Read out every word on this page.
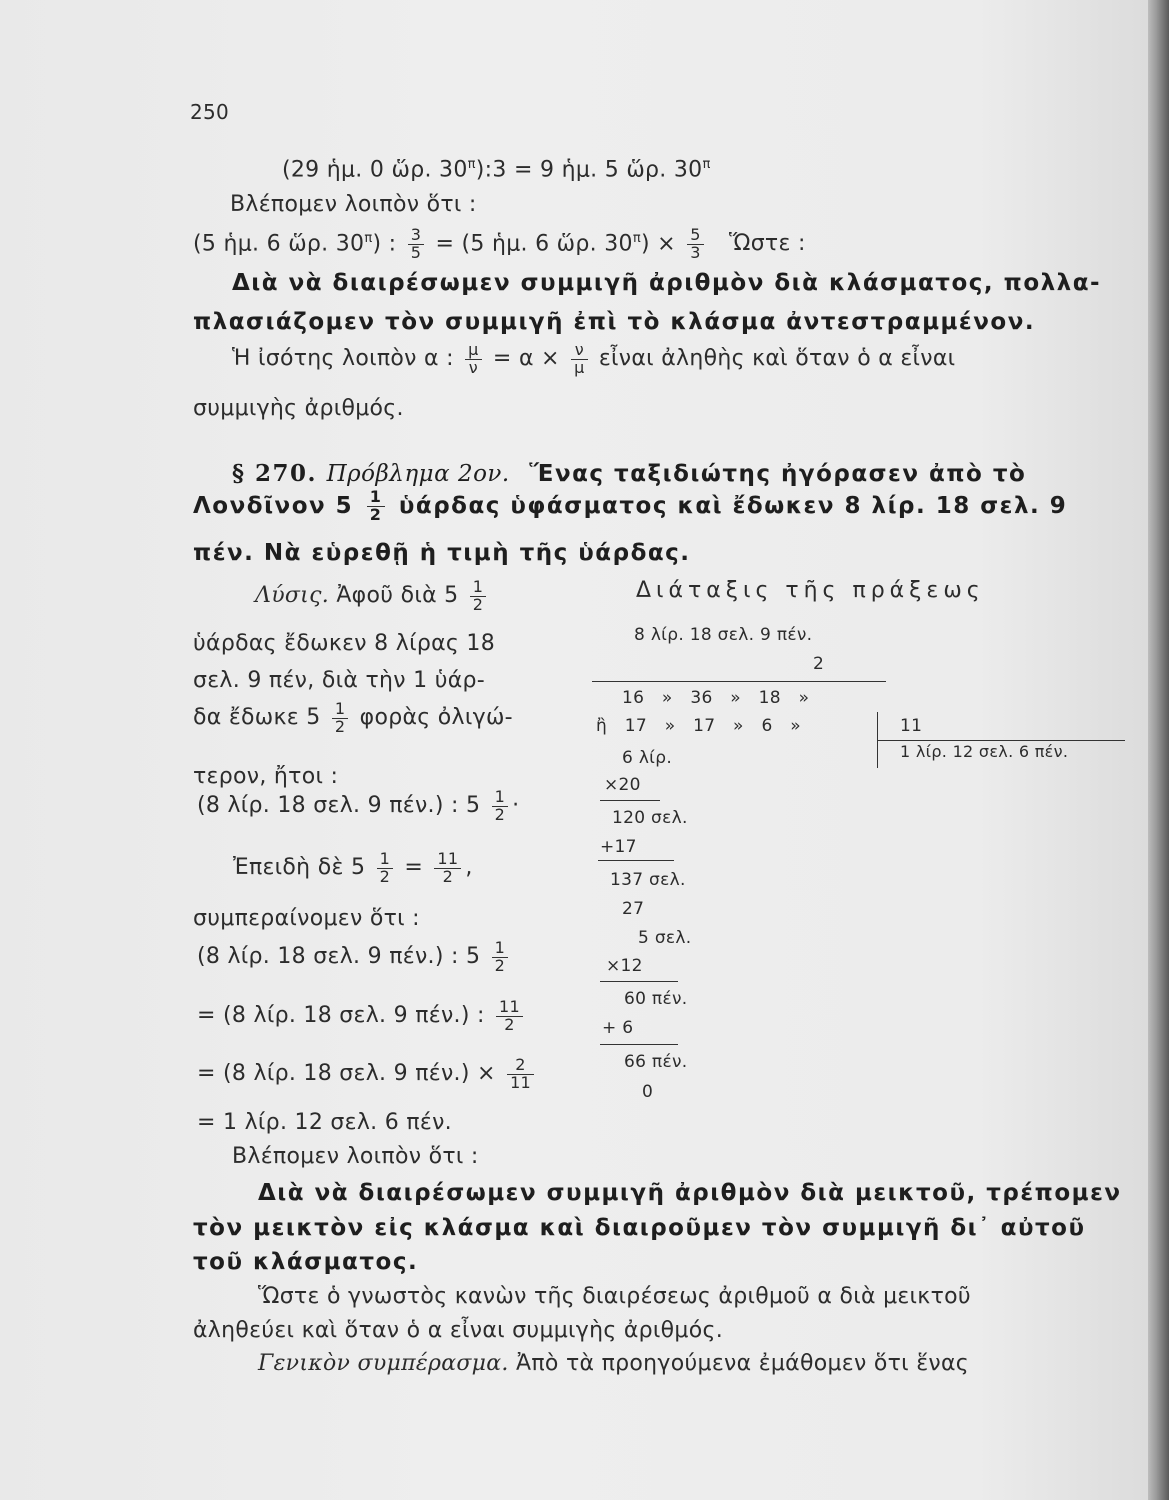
250
(29 ἡμ. 0 ὥρ. $30^\pi):3 = 9$ ἡμ. 5 ὥρ. $30^\pi$
Βλέπομεν λοιπὸν ὅτι :
(5 ἡμ. 6 ὥρ. $30^\pi$) : $\frac{3}{5} = (5$ ἡμ. 6 ὥρ. $30^\pi) \times \frac{5}{3}$ Ὥστε :
Διὰ νὰ διαιρέσωμεν συμμιγῆ ἀριθμὸν διὰ κλάσματος, πολλα-
πλασιάζομεν τὸν συμμιγῆ ἐπὶ τὸ κλάσμα ἀντεστραμμένον.
Ἡ ἰσότης λοιπὸν α : $\frac{\mu}{\nu} = \alpha \times \frac{\nu}{\mu}$ εἶναι ἀληθὴς καὶ ὅταν ὁ α εἶναι
συμμιγὴς ἀριθμός.
§ 270. Πρόβλημα 2ον. Ἕνας ταξιδιώτης ἠγόρασεν ἀπὸ τὸ
Λονδῖνον $5 \frac{1}{2}$ ὑάρδας ὑφάσματος καὶ ἔδωκεν 8 λίρ. 18 σελ. 9
πέν. Νὰ εὑρεθῇ ἡ τιμὴ τῆς ὑάρδας.
Λύσις. Ἀφοῦ διὰ $5 \frac{1}{2}$
ὑάρδας ἔδωκεν 8 λίρας 18
σελ. 9 πέν, διὰ τὴν 1 ὑάρ-
δα ἔδωκε $5 \frac{1}{2}$ φορὰς ὀλιγώ-
τερον, ἤτοι :
(8 λίρ. 18 σελ. 9 πέν.) : $5 \frac{1}{2}$ ·
Ἐπειδὴ δὲ $5 \frac{1}{2} = \frac{11}{2}$ ,
συμπεραίνομεν ὅτι :
(8 λίρ. 18 σελ. 9 πέν.) : $5 \frac{1}{2}$
= (8 λίρ. 18 σελ. 9 πέν.) : $\frac{11}{2}$
= (8 λίρ. 18 σελ. 9 $\pi έ\nu.) \times \frac{2}{11}$
= 1 λίρ. 12 σελ. 6 πέν.
Διάταξις τῆς πράξεως
8 λίρ. 18 σελ. 9 πέν.
2
16 » 36 » 18 »
ἢ 17 » 17 » 6 »	11
1 λίρ. 12 σελ. 6 πέν.
6 λίρ.
×20
120 σελ.
+17
137 σελ.
27
5 σελ.
×12
60 πέν.
+ 6
66 πέν.
0
Βλέπομεν λοιπὸν ὅτι :
Διὰ νὰ διαιρέσωμεν συμμιγῆ ἀριθμὸν διὰ μεικτοῦ, τρέπομεν
τὸν μεικτὸν εἰς κλάσμα καὶ διαιροῦμεν τὸν συμμιγῆ δι᾽ αὐτοῦ
τοῦ κλάσματος.
Ὥστε ὁ γνωστὸς κανὼν τῆς διαιρέσεως ἀριθμοῦ α διὰ μεικτοῦ
ἀληθεύει καὶ ὅταν ὁ α εἶναι συμμιγὴς ἀριθμός.
Γενικὸν συμπέρασμα. Ἀπὸ τὰ προηγούμενα ἐμάθομεν ὅτι ἕνας
